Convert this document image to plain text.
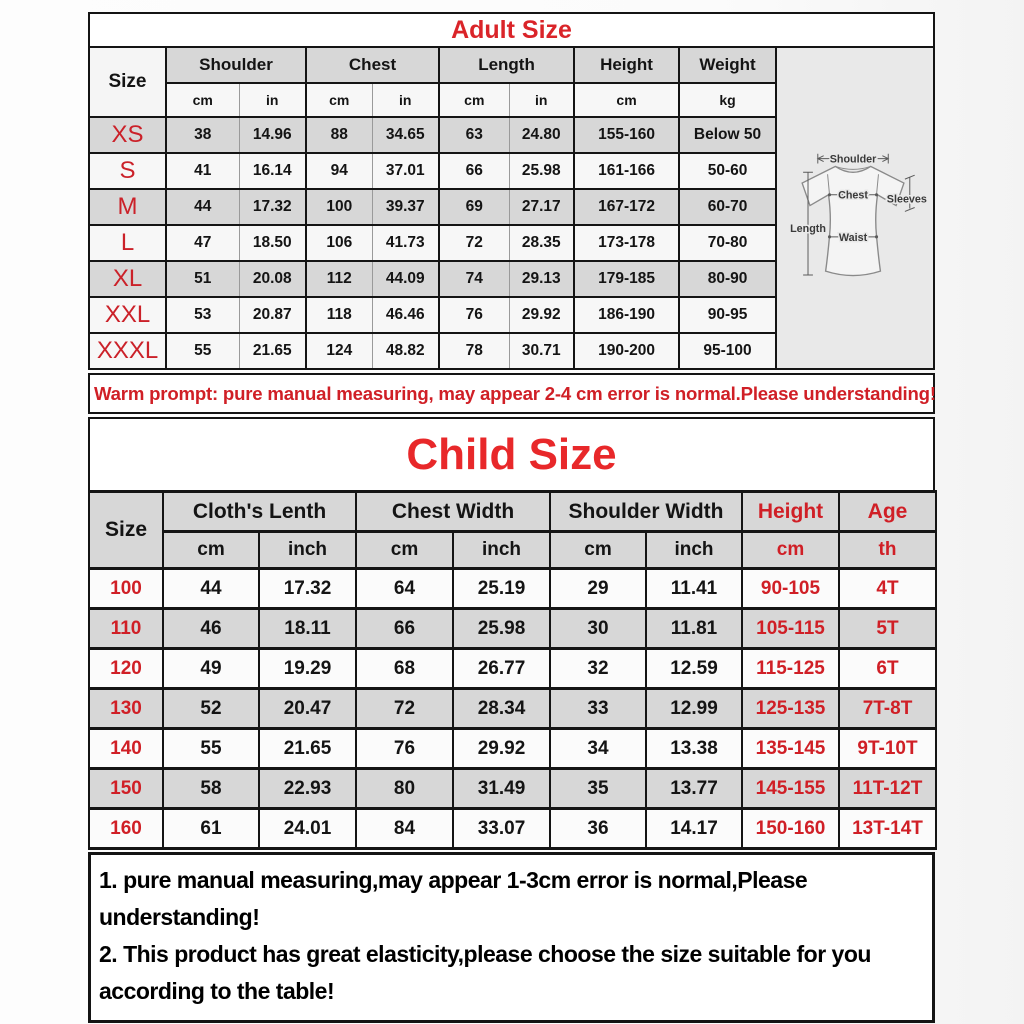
Adult Size
Size	Shoulder		Chest		Length		Height	Weight
	cm	in	cm	in	cm	in	cm	kg
XS	38	14.96	88	34.65	63	24.80	155-160	Below 50
S	41	16.14	94	37.01	66	25.98	161-166	50-60
M	44	17.32	100	39.37	69	27.17	167-172	60-70
L	47	18.50	106	41.73	72	28.35	173-178	70-80
XL	51	20.08	112	44.09	74	29.13	179-185	80-90
XXL	53	20.87	118	46.46	76	29.92	186-190	90-95
XXXL	55	21.65	124	48.82	78	30.71	190-200	95-100
Shoulder
Length
Sleeves
Chest
Waist

Warm prompt: pure manual measuring, may appear 2-4 cm error is normal.Please understanding!

Child Size
Size	Cloth's Lenth		Chest Width		Shoulder Width		Height	Age
	cm	inch	cm	inch	cm	inch	cm	th
100	44	17.32	64	25.19	29	11.41	90-105	4T
110	46	18.11	66	25.98	30	11.81	105-115	5T
120	49	19.29	68	26.77	32	12.59	115-125	6T
130	52	20.47	72	28.34	33	12.99	125-135	7T-8T
140	55	21.65	76	29.92	34	13.38	135-145	9T-10T
150	58	22.93	80	31.49	35	13.77	145-155	11T-12T
160	61	24.01	84	33.07	36	14.17	150-160	13T-14T

1. pure manual measuring,may appear 1-3cm error is normal,Please understanding!

2. This product has great elasticity,please choose the size suitable for you according to the table!
